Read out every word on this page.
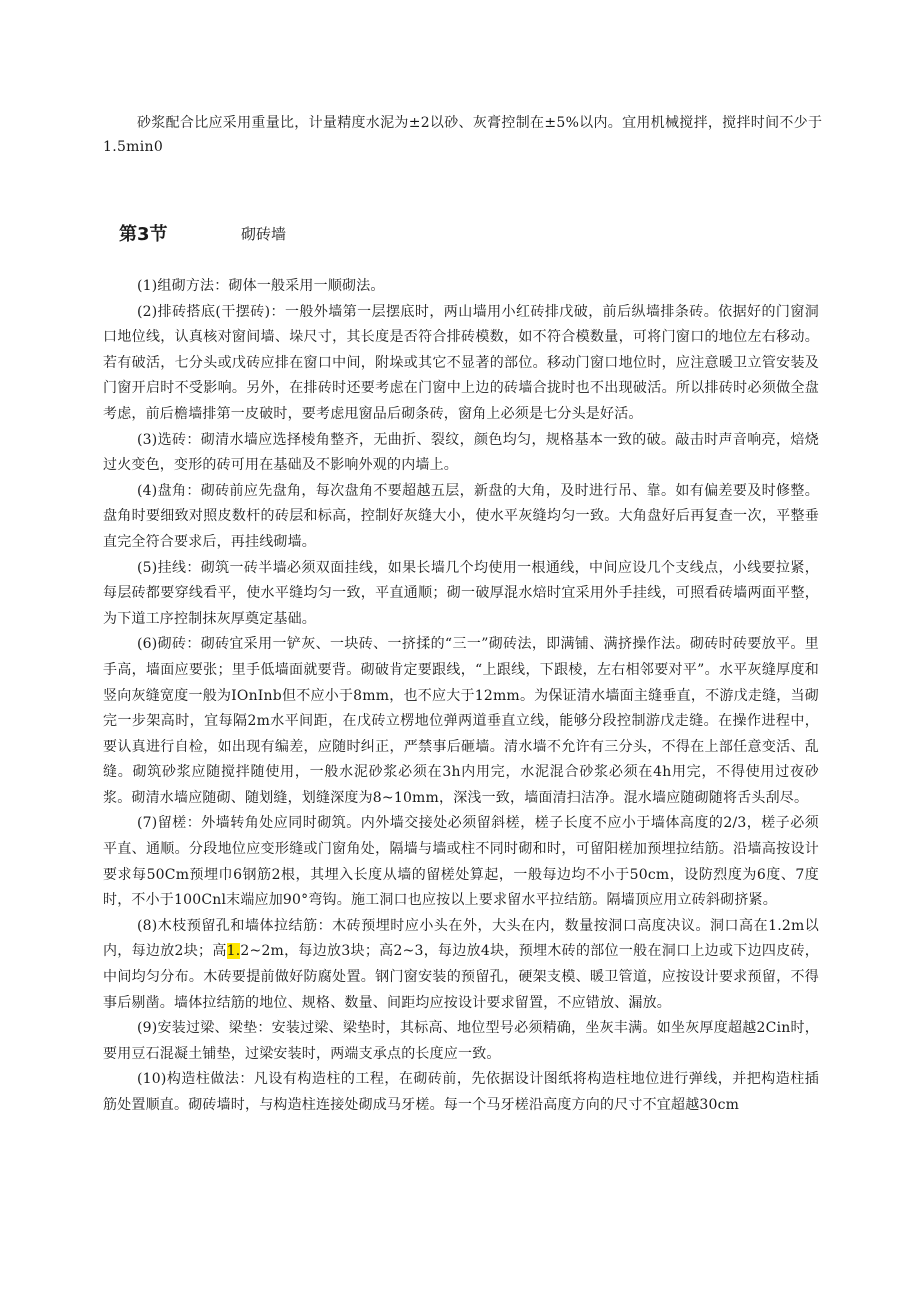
砂浆配合比应采用重量比，计量精度水泥为±2以砂、灰膏控制在±5%以内。宜用机械搅拌，搅拌时间不少于1.5min0

第3节	砌砖墙

(1)组砌方法：砌体一般采用一顺砌法。

(2)排砖搭底(干摆砖)：一般外墙第一层摆底时，两山墙用小红砖排戊破，前后纵墙排条砖。依据好的门窗洞口地位线，认真核对窗间墙、垛尺寸，其长度是否符合排砖模数，如不符合模数量，可将门窗口的地位左右移动。若有破活，七分头或戊砖应排在窗口中间，附垛或其它不显著的部位。移动门窗口地位时，应注意暖卫立管安装及门窗开启时不受影响。另外，在排砖时还要考虑在门窗中上边的砖墙合拢时也不出现破活。所以排砖时必须做全盘考虑，前后檐墙排第一皮破时，要考虑甩窗品后砌条砖，窗角上必须是七分头是好活。

(3)选砖：砌清水墙应选择棱角整齐，无曲折、裂纹，颜色均匀，规格基本一致的破。敲击时声音响亮，焙烧过火变色，变形的砖可用在基础及不影响外观的内墙上。

(4)盘角：砌砖前应先盘角，每次盘角不要超越五层，新盘的大角，及时进行吊、靠。如有偏差要及时修整。盘角时要细致对照皮数杆的砖层和标高，控制好灰缝大小，使水平灰缝均匀一致。大角盘好后再复查一次，平整垂直完全符合要求后，再挂线砌墙。

(5)挂线：砌筑一砖半墙必须双面挂线，如果长墙几个均使用一根通线，中间应设几个支线点，小线要拉紧，每层砖都要穿线看平，使水平缝均匀一致，平直通顺；砌一破厚混水焙时宜采用外手挂线，可照看砖墙两面平整，为下道工序控制抹灰厚奠定基础。

(6)砌砖：砌砖宜采用一铲灰、一块砖、一挤揉的“三一”砌砖法，即满铺、满挤操作法。砌砖时砖要放平。里手高，墙面应要张；里手低墙面就要背。砌破肯定要跟线，“上跟线，下跟棱，左右相邻要对平”。水平灰缝厚度和竖向灰缝宽度一般为IOnInb但不应小于8mm，也不应大于12mm。为保证清水墙面主缝垂直，不游戊走缝，当砌完一步架高时，宜每隔2m水平间距，在戊砖立楞地位弹两道垂直立线，能够分段控制游戊走缝。在操作进程中，要认真进行自检，如出现有编差，应随时纠正，严禁事后砸墙。清水墙不允许有三分头，不得在上部任意变活、乱缝。砌筑砂浆应随搅拌随使用，一般水泥砂浆必须在3h内用完，水泥混合砂浆必须在4h用完，不得使用过夜砂浆。砌清水墙应随砌、随划缝，划缝深度为8~10mm，深浅一致，墙面清扫洁净。混水墙应随砌随将舌头刮尽。

(7)留槎：外墙转角处应同时砌筑。内外墙交接处必须留斜槎，槎子长度不应小于墙体高度的2/3，槎子必须平直、通顺。分段地位应变形缝或门窗角处，隔墙与墙或柱不同时砌和时，可留阳槎加预埋拉结筋。沿墙高按设计要求每50Cm预埋巾6钢筋2根，其埋入长度从墙的留槎处算起，一般每边均不小于50cm，设防烈度为6度、7度时，不小于100Cnl末端应加90°弯钩。施工洞口也应按以上要求留水平拉结筋。隔墙顶应用立砖斜砌挤紧。

(8)木枝预留孔和墙体拉结筋：木砖预埋时应小头在外，大头在内，数量按洞口高度决议。洞口高在1.2m以内，每边放2块；高1.2~2m，每边放3块；高2~3，每边放4块，预埋木砖的部位一般在洞口上边或下边四皮砖，中间均匀分布。木砖要提前做好防腐处置。钢门窗安装的预留孔，硬架支模、暖卫管道，应按设计要求预留，不得事后剔凿。墙体拉结筋的地位、规格、数量、间距均应按设计要求留置，不应错放、漏放。

(9)安装过梁、梁垫：安装过梁、梁垫时，其标高、地位型号必须精确，坐灰丰满。如坐灰厚度超越2Cin时，要用豆石混凝土铺垫，过梁安装时，两端支承点的长度应一致。

(10)构造柱做法：凡设有构造柱的工程，在砌砖前，先依据设计图纸将构造柱地位进行弹线，并把构造柱插筋处置顺直。砌砖墙时，与构造柱连接处砌成马牙槎。每一个马牙槎沿高度方向的尺寸不宜超越30cm
